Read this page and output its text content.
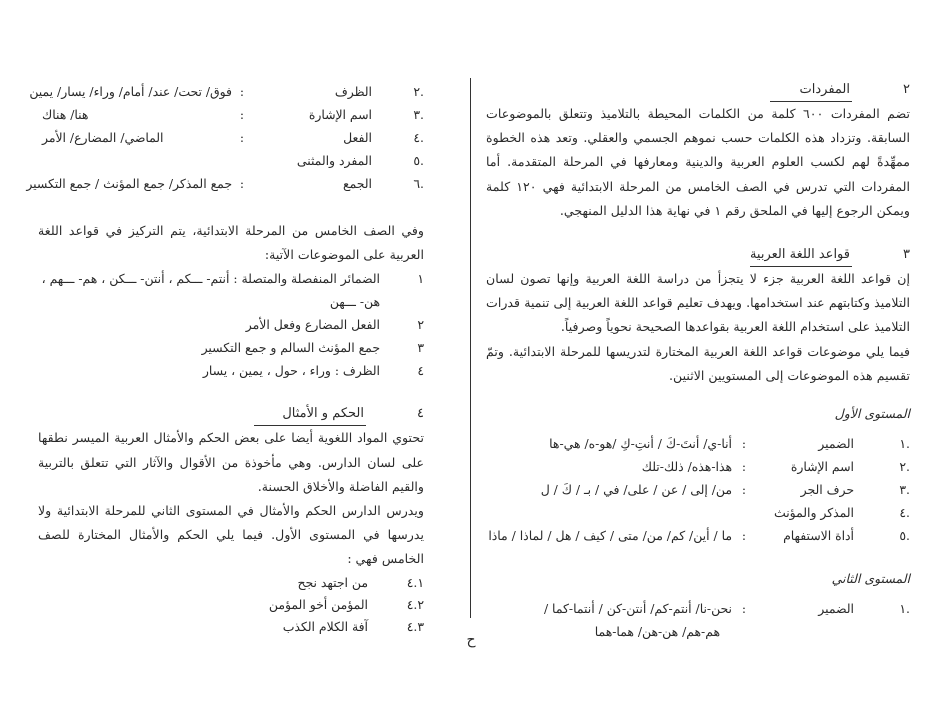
٢
المفردات

تضم المفردات ٦٠٠ كلمة من الكلمات المحيطة بالتلاميذ وتتعلق بالموضوعات السابقة. وتزداد هذه الكلمات حسب نموهم الجسمي والعقلي. وتعد هذه الخطوة ممهِّدةً لهم لكسب العلوم العربية والدينية ومعارفها في المرحلة المتقدمة. أما المفردات التي تدرس في الصف الخامس من المرحلة الابتدائية فهي ١٢٠ كلمة ويمكن الرجوع إليها في الملحق رقم ١ في نهاية هذا الدليل المنهجي.

٣
قواعد اللغة العربية

إن قواعد اللغة العربية جزء لا يتجزأ من دراسة اللغة العربية وإنها تصون لسان التلاميذ وكتابتهم عند استخدامها. ويهدف تعليم قواعد اللغة العربية إلى تنمية قدرات التلاميذ على استخدام اللغة العربية بقواعدها الصحيحة نحوياً وصرفياً.

فيما يلي موضوعات قواعد اللغة العربية المختارة لتدريسها للمرحلة الابتدائية. وتمّ تقسيم هذه الموضوعات إلى المستويين الاثنين.

المستوى الأول

.١
الضمير
:
أنا-ي/ أنتَ-كَ / أنتِ-كِ /هو-ه/ هي-ها
.٢
اسم الإشارة
:
هذا-هذه/ ذلك-تلك
.٣
حرف الجر
:
من/ إلى / عن / على/ في / بـ / كَ / ل
.٤
المذكر والمؤنث
.٥
أداة الاستفهام
:
ما / أين/ كم/ من/ متى / كيف / هل / لماذا / ماذا

المستوى الثاني

.١
الضمير
:
نحن-نا/ أنتم-كم/ أنتن-كن / أنتما-كما /
هم-هم/ هن-هن/ هما-هما
.٢
الظرف
:
فوق/ تحت/ عند/ أمام/ وراء/ يسار/ يمين
.٣
اسم الإشارة
:
هنا/ هناك
.٤
الفعل
:
الماضي/ المضارع/ الأمر
.٥
المفرد والمثنى
.٦
الجمع
:
جمع المذكر/ جمع المؤنث / جمع التكسير

وفي الصف الخامس من المرحلة الابتدائية، يتم التركيز في قواعد اللغة العربية على الموضوعات الآتية:

١
الضمائر المنفصلة والمتصلة : أنتم- ـــكم ، أنتن- ـــكن ، هم- ـــهم ،
هن- ـــهن
٢
الفعل المضارع وفعل الأمر
٣
جمع المؤنث السالم و جمع التكسير
٤
الظرف : وراء ، حول ، يمين ، يسار
٤
الحكم و الأمثال

تحتوي المواد اللغوية أيضا على بعض الحكم والأمثال العربية الميسر نطقها على لسان الدارس. وهي مأخوذة من الأقوال والآثار التي تتعلق بالتربية والقيم الفاضلة والأخلاق الحسنة.

ويدرس الدارس الحكم والأمثال في المستوى الثاني للمرحلة الابتدائية ولا يدرسها في المستوى الأول. فيما يلي الحكم والأمثال المختارة للصف الخامس فهي :

٤.١
من اجتهد نجح
٤.٢
المؤمن أخو المؤمن
٤.٣
آفة الكلام الكذب
ح
